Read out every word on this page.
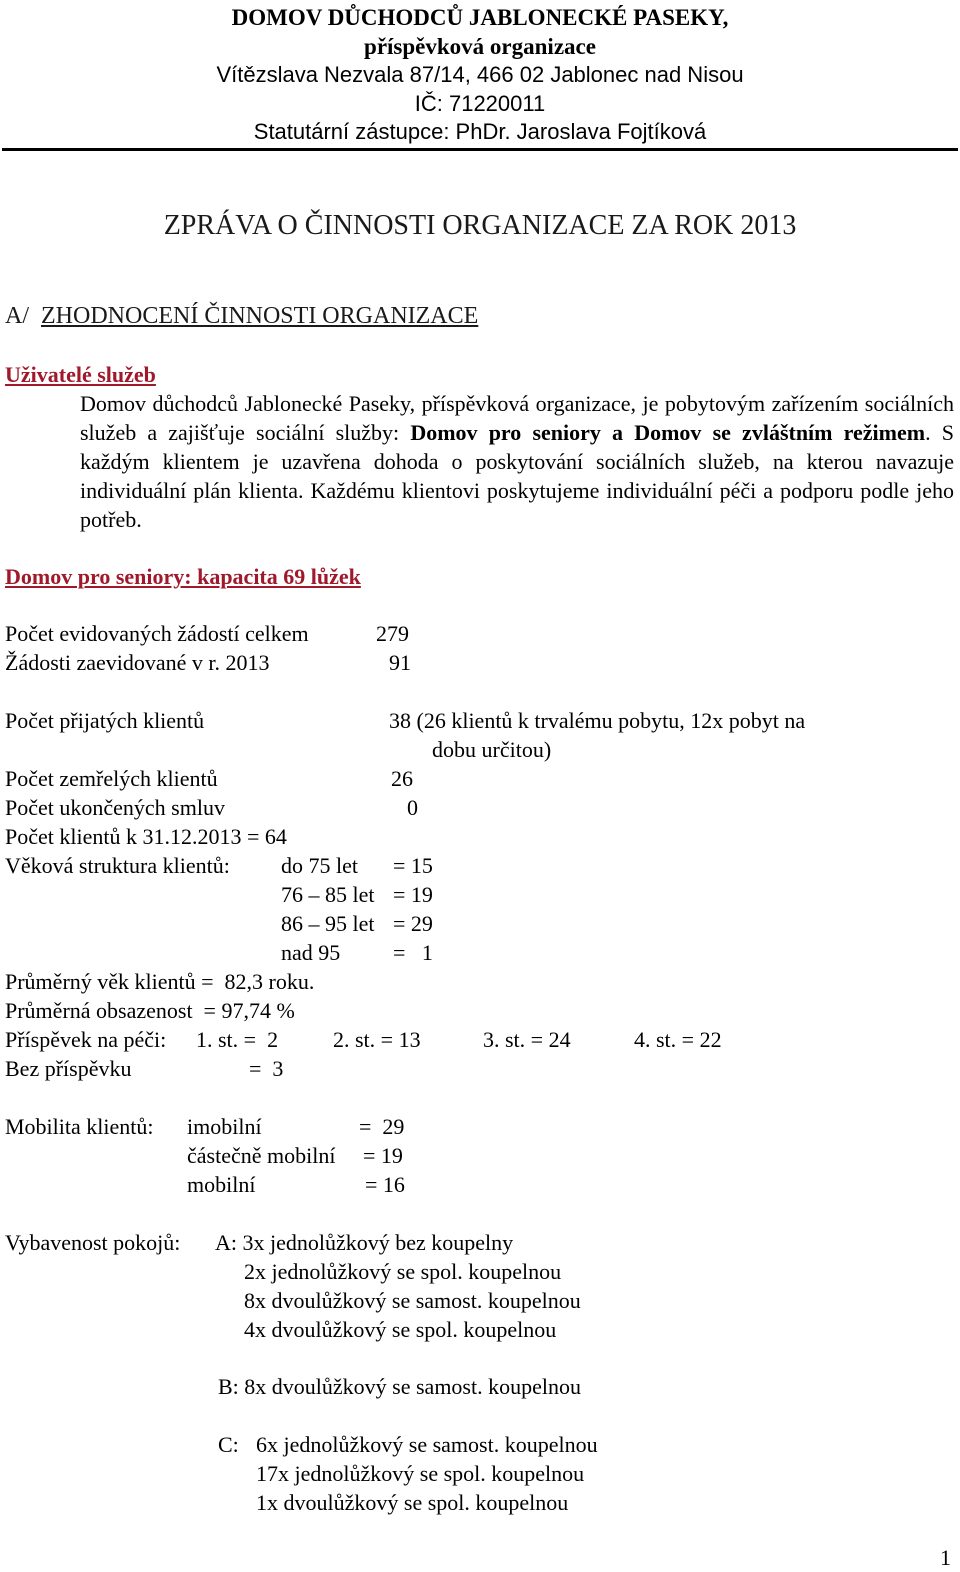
DOMOV DŮCHODCŮ JABLONECKÉ PASEKY,
příspěvková organizace
Vítězslava Nezvala 87/14, 466 02 Jablonec nad Nisou
IČ: 71220011
Statutární zástupce: PhDr. Jaroslava Fojtíková
ZPRÁVA O ČINNOSTI ORGANIZACE ZA ROK 2013
A/ ZHODNOCENÍ ČINNOSTI ORGANIZACE
Uživatelé služeb

Domov důchodců Jablonecké Paseky, příspěvková organizace, je pobytovým zařízením sociálních služeb a zajišťuje sociální služby: Domov pro seniory a Domov se zvláštním režimem. S každým klientem je uzavřena dohoda o poskytování sociálních služeb, na kterou navazuje individuální plán klienta. Každému klientovi poskytujeme individuální péči a podporu podle jeho potřeb.

Domov pro seniory: kapacita 69 lůžek
Počet evidovaných žádostí celkem	279
Žádosti zaevidované v r. 2013	91
Počet přijatých klientů	38 (26 klientů k trvalému pobytu, 12x pobyt na
dobu určitou)
Počet zemřelých klientů	26
Počet ukončených smluv	0
Počet klientů k 31.12.2013 = 64
Věková struktura klientů: do 75 let = 15
76 – 85 let = 19
86 – 95 let = 29
nad 95 =   1
Průměrný věk klientů =  82,3 roku.
Průměrná obsazenost  = 97,74 %
Příspěvek na péči: 1. st. =  2 2. st. = 13	3. st. = 24	4. st. = 22
Bez příspěvku	=  3
Mobilita klientů: imobilní	=  29
částečně mobilní = 19
mobilní	= 16
Vybavenost pokojů: A: 3x jednolůžkový bez koupelny
2x jednolůžkový se spol. koupelnou
8x dvoulůžkový se samost. koupelnou
4x dvoulůžkový se spol. koupelnou
B: 8x dvoulůžkový se samost. koupelnou
C: 6x jednolůžkový se samost. koupelnou
17x jednolůžkový se spol. koupelnou
1x dvoulůžkový se spol. koupelnou
1
